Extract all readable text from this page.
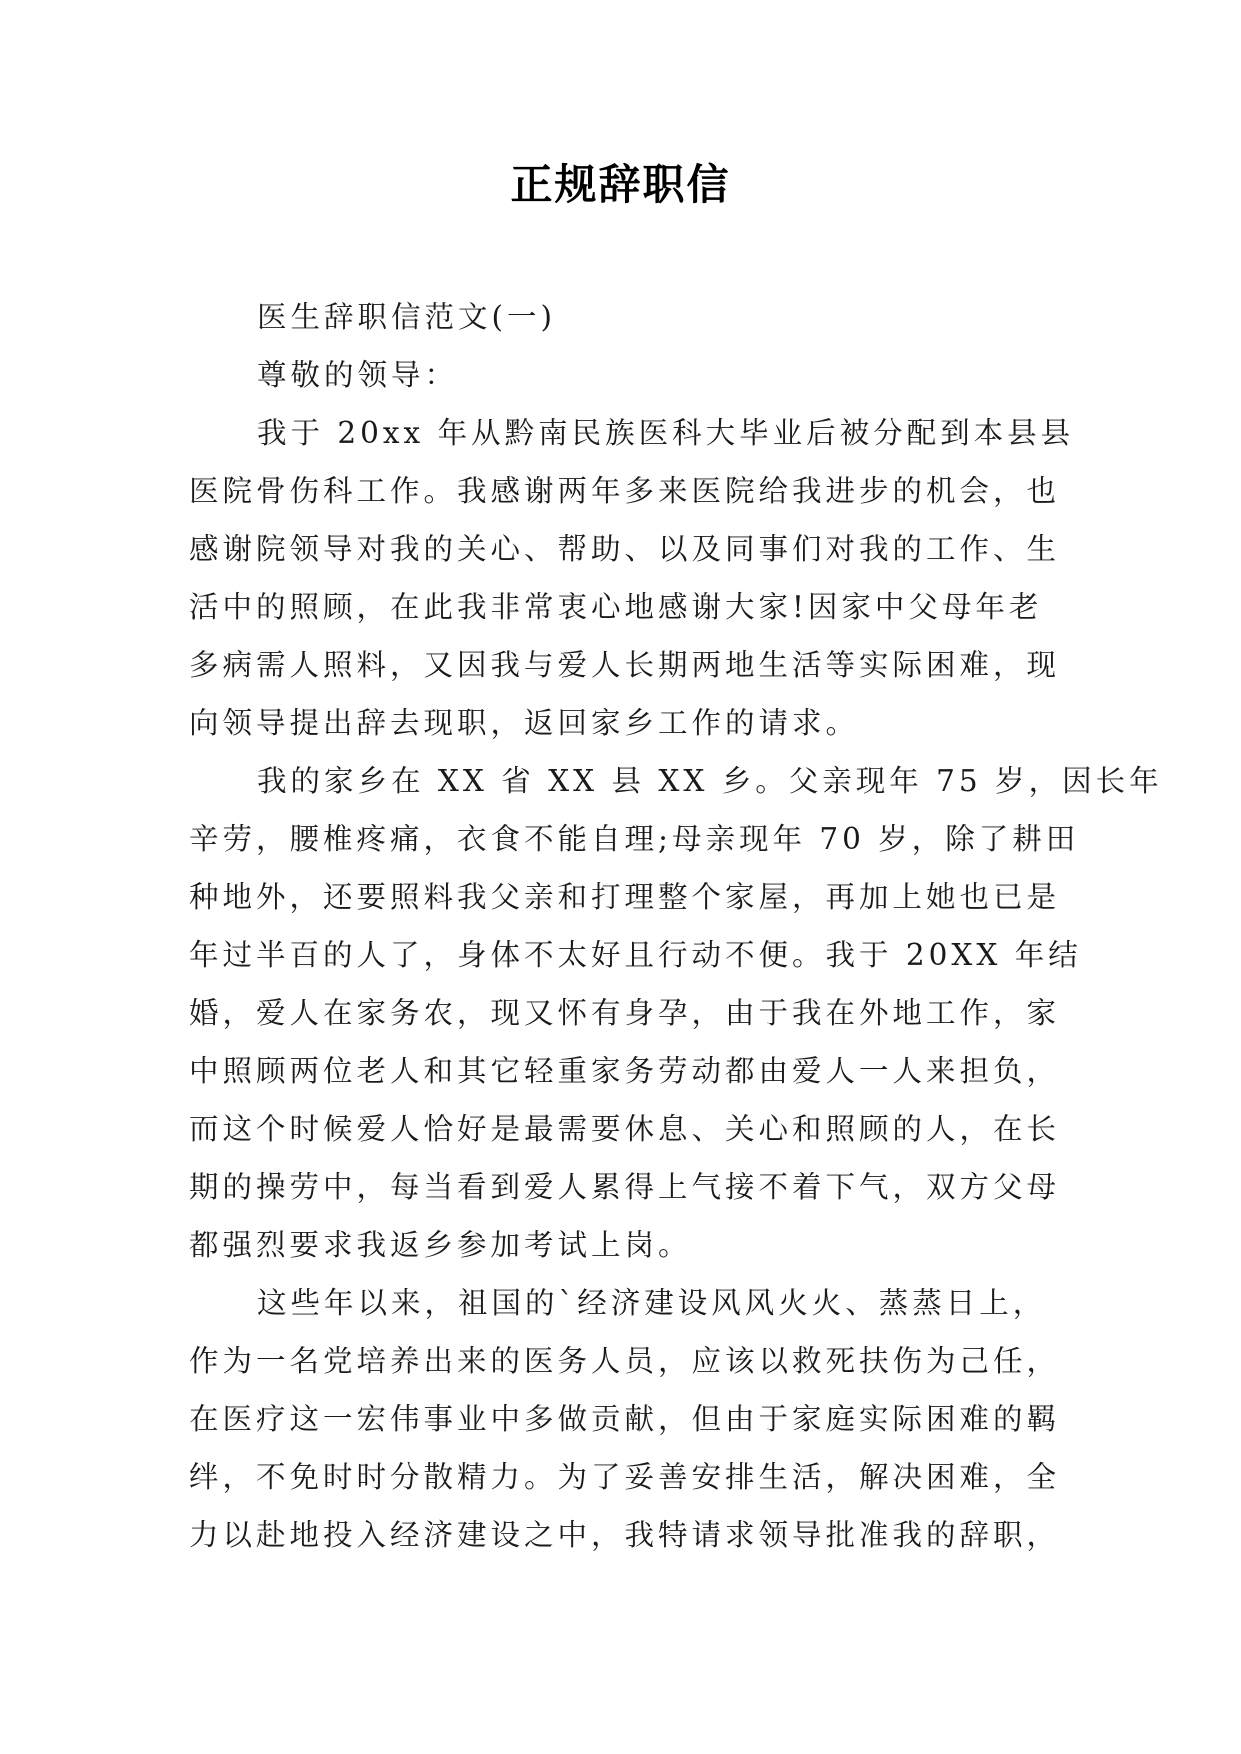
正规辞职信
医生辞职信范文(一)
尊敬的领导：
我于 20xx 年从黔南民族医科大毕业后被分配到本县县
医院骨伤科工作。我感谢两年多来医院给我进步的机会，也
感谢院领导对我的关心、帮助、以及同事们对我的工作、生
活中的照顾，在此我非常衷心地感谢大家!因家中父母年老
多病需人照料，又因我与爱人长期两地生活等实际困难，现
向领导提出辞去现职，返回家乡工作的请求。
我的家乡在 XX 省 XX 县 XX 乡。父亲现年 75 岁，因长年
辛劳，腰椎疼痛，衣食不能自理;母亲现年 70 岁，除了耕田
种地外，还要照料我父亲和打理整个家屋，再加上她也已是
年过半百的人了，身体不太好且行动不便。我于 20XX 年结
婚，爱人在家务农，现又怀有身孕，由于我在外地工作，家
中照顾两位老人和其它轻重家务劳动都由爱人一人来担负，
而这个时候爱人恰好是最需要休息、关心和照顾的人，在长
期的操劳中，每当看到爱人累得上气接不着下气，双方父母
都强烈要求我返乡参加考试上岗。
这些年以来，祖国的`经济建设风风火火、蒸蒸日上，
作为一名党培养出来的医务人员，应该以救死扶伤为己任，
在医疗这一宏伟事业中多做贡献，但由于家庭实际困难的羁
绊，不免时时分散精力。为了妥善安排生活，解决困难，全
力以赴地投入经济建设之中，我特请求领导批准我的辞职，
